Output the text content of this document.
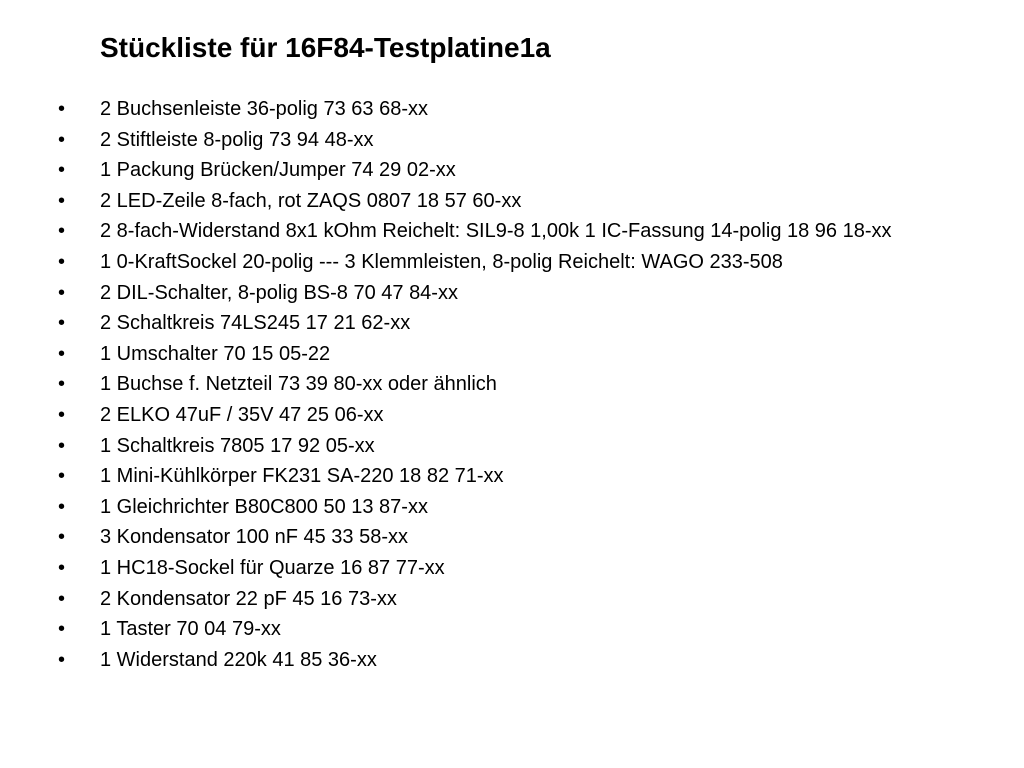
Stückliste für 16F84-Testplatine1a
• 2 Buchsenleiste 36-polig 73 63 68-xx
• 2 Stiftleiste 8-polig 73 94 48-xx
• 1 Packung Brücken/Jumper 74 29 02-xx
• 2 LED-Zeile 8-fach, rot ZAQS 0807 18 57 60-xx
• 2 8-fach-Widerstand 8x1 kOhm Reichelt: SIL9-8 1,00k 1 IC-Fassung 14-polig 18 96 18-xx
• 1 0-KraftSockel 20-polig --- 3 Klemmleisten, 8-polig Reichelt: WAGO 233-508
• 2 DIL-Schalter, 8-polig BS-8 70 47 84-xx
• 2 Schaltkreis 74LS245 17 21 62-xx
• 1 Umschalter 70 15 05-22
• 1 Buchse f. Netzteil 73 39 80-xx oder ähnlich
• 2 ELKO 47uF / 35V 47 25 06-xx
• 1 Schaltkreis 7805 17 92 05-xx
• 1 Mini-Kühlkörper FK231 SA-220 18 82 71-xx
• 1 Gleichrichter B80C800 50 13 87-xx
• 3 Kondensator 100 nF 45 33 58-xx
• 1 HC18-Sockel für Quarze 16 87 77-xx
• 2 Kondensator 22 pF 45 16 73-xx
• 1 Taster 70 04 79-xx
• 1 Widerstand 220k 41 85 36-xx
